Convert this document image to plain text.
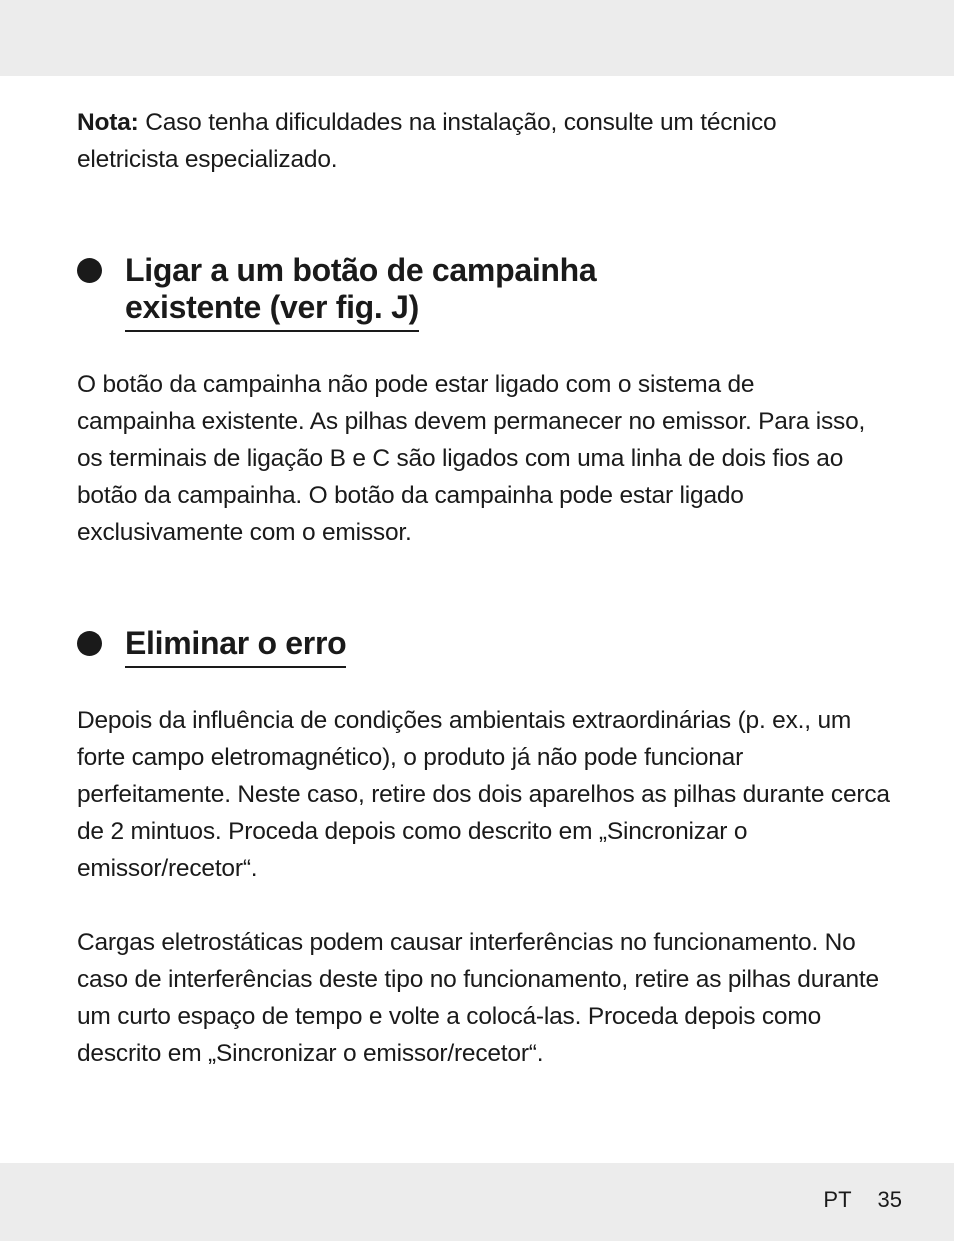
Nota: Caso tenha dificuldades na instalação, consulte um técnico eletricista especializado.

Ligar a um botão de campainha
existente (ver fig. J)

O botão da campainha não pode estar ligado com o sistema de campainha existente. As pilhas devem permanecer no emissor. Para isso, os terminais de ligação B e C são ligados com uma linha de dois fios ao botão da campainha. O botão da campainha pode estar ligado exclusivamente com o emissor.

Eliminar o erro

Depois da influência de condições ambientais extraordinárias (p. ex., um forte campo eletromagnético), o produto já não pode funcionar perfeitamente. Neste caso, retire dos dois aparelhos as pilhas durante cerca de 2 mintuos. Proceda depois como descrito em „Sincronizar o emissor/recetor“.

Cargas eletrostáticas podem causar interferências no funcionamento. No caso de interferências deste tipo no funcionamento, retire as pilhas durante um curto espaço de tempo e volte a colocá-las. Proceda depois como descrito em „Sincronizar o emissor/recetor“.

PT 35
